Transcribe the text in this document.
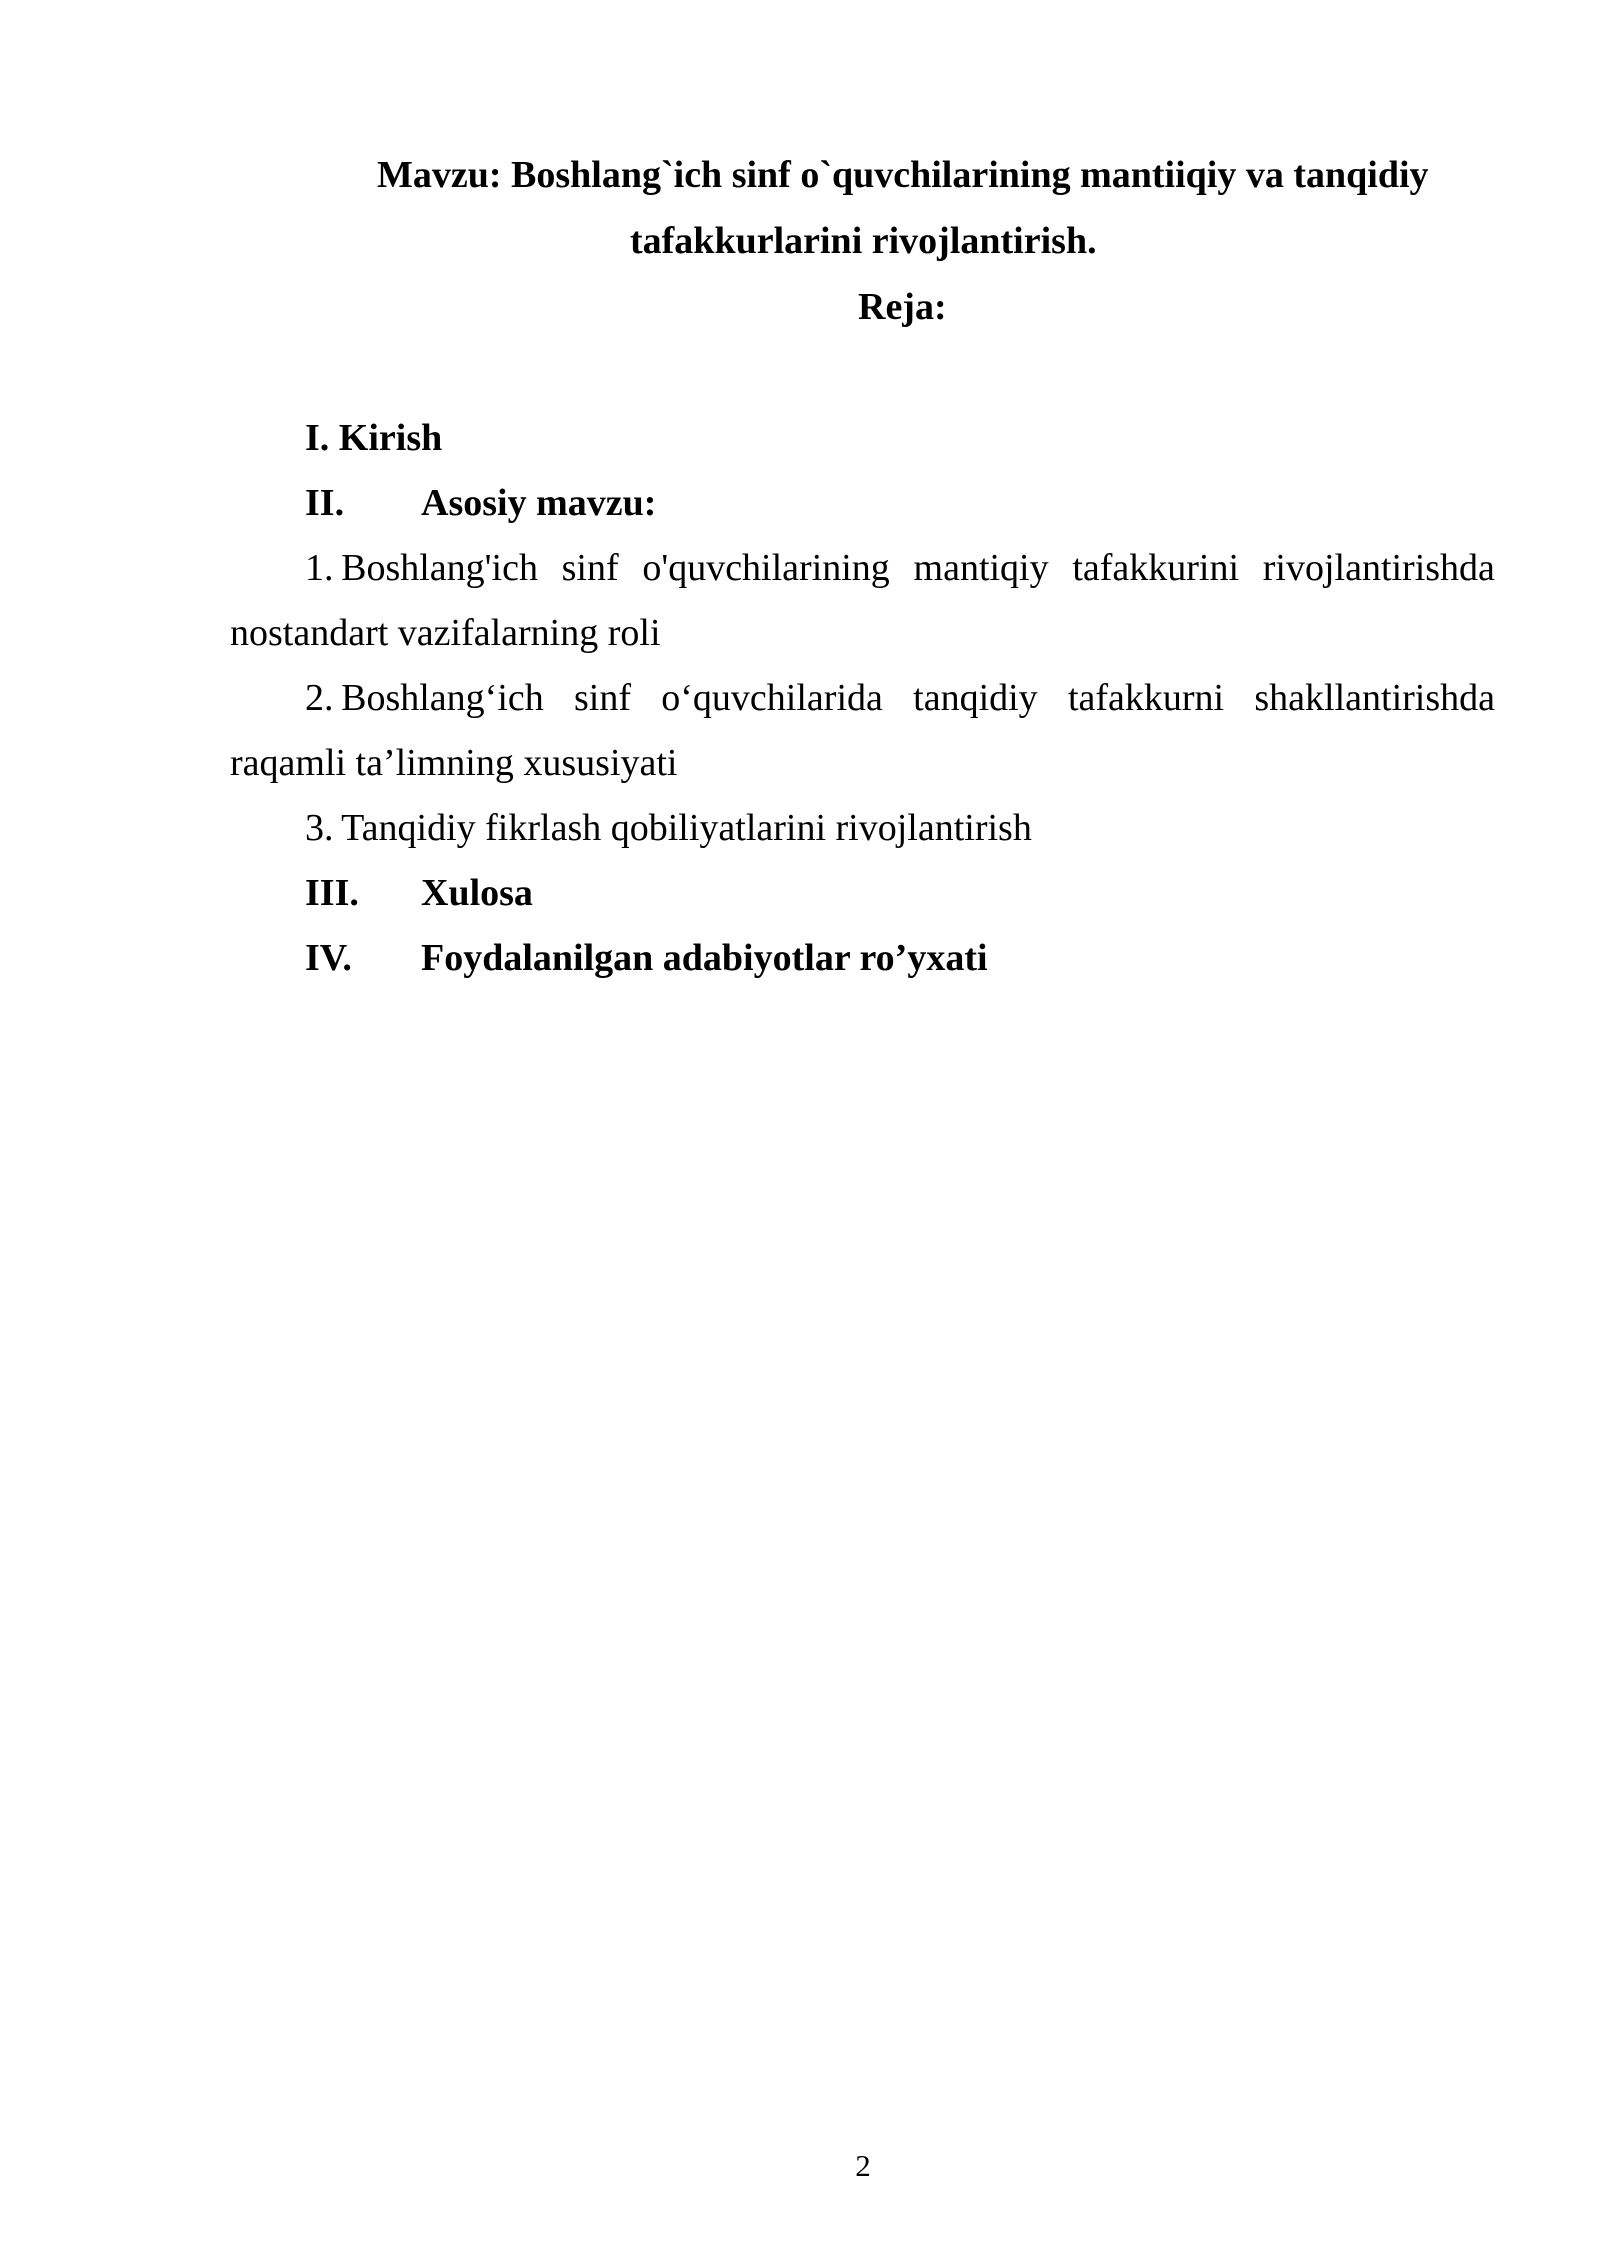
Mavzu: Boshlang`ich sinf o`quvchilarining mantiiqiy va tanqidiy
tafakkurlarini rivojlantirish.
Reja:
I. Kirish
II. Asosiy mavzu:
1.  Boshlang'ich sinf o'quvchilarining mantiqiy tafakkurini rivojlantirishda
nostandart vazifalarning roli
2.  Boshlang‘ich sinf o‘quvchilarida tanqidiy tafakkurni shakllantirishda
raqamli ta’limning xususiyati
3.  Tanqidiy fikrlash qobiliyatlarini rivojlantirish
III. Xulosa
IV. Foydalanilgan adabiyotlar ro’yxati
2
